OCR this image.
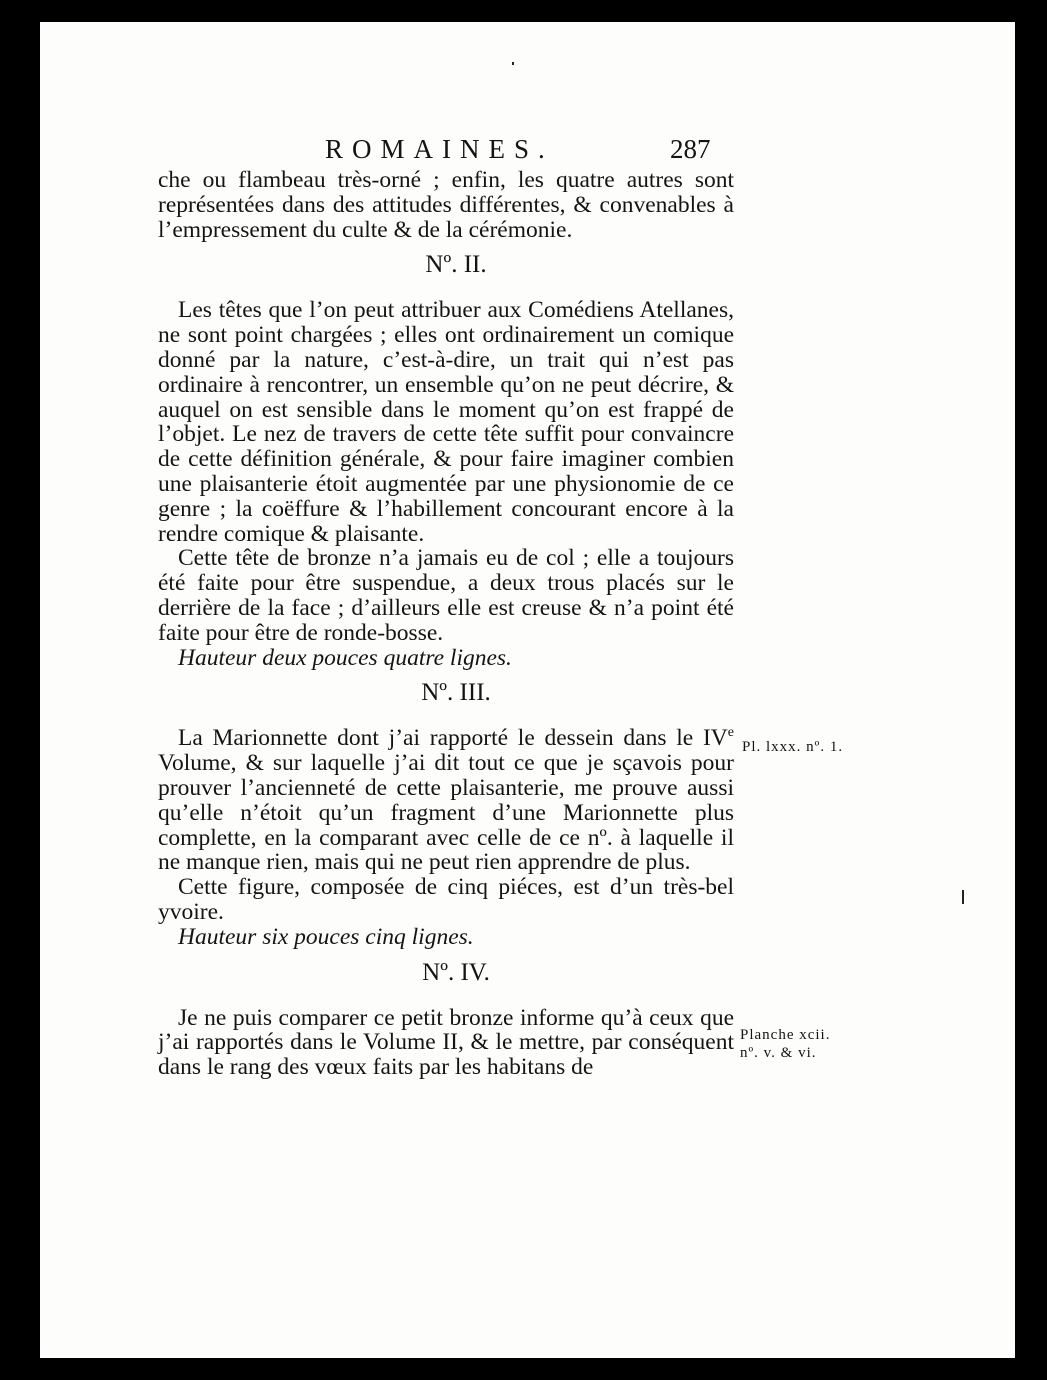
ROMAINES.	287

che ou flambeau très-orné ; enfin, les quatre autres sont représentées dans des attitudes différentes, & convenables à l’empressement du culte & de la cérémonie.

Nº. II.

Les têtes que l’on peut attribuer aux Comédiens Atellanes, ne sont point chargées ; elles ont ordinairement un comique donné par la nature, c’est-à-dire, un trait qui n’est pas ordinaire à rencontrer, un ensemble qu’on ne peut décrire, & auquel on est sensible dans le moment qu’on est frappé de l’objet. Le nez de travers de cette tête suffit pour convaincre de cette définition générale, & pour faire imaginer combien une plaisanterie étoit augmentée par une physionomie de ce genre ; la coëffure & l’habillement concourant encore à la rendre comique & plaisante.

Cette tête de bronze n’a jamais eu de col ; elle a toujours été faite pour être suspendue, a deux trous placés sur le derrière de la face ; d’ailleurs elle est creuse & n’a point été faite pour être de ronde-bosse.

Hauteur deux pouces quatre lignes.

Nº. III.

La Marionnette dont j’ai rapporté le dessein dans le IVe Volume, & sur laquelle j’ai dit tout ce que je sçavois pour prouver l’ancienneté de cette plaisanterie, me prouve aussi qu’elle n’étoit qu’un fragment d’une Marionnette plus complette, en la comparant avec celle de ce nº. à laquelle il ne manque rien, mais qui ne peut rien apprendre de plus.

Cette figure, composée de cinq piéces, est d’un très-bel yvoire.

Hauteur six pouces cinq lignes.

Nº. IV.

Je ne puis comparer ce petit bronze informe qu’à ceux que j’ai rapportés dans le Volume II, & le mettre, par conséquent dans le rang des vœux faits par les habitans de

Pl. lxxx. nº. 1.
Planche xcii.
nº. v. & vi.
